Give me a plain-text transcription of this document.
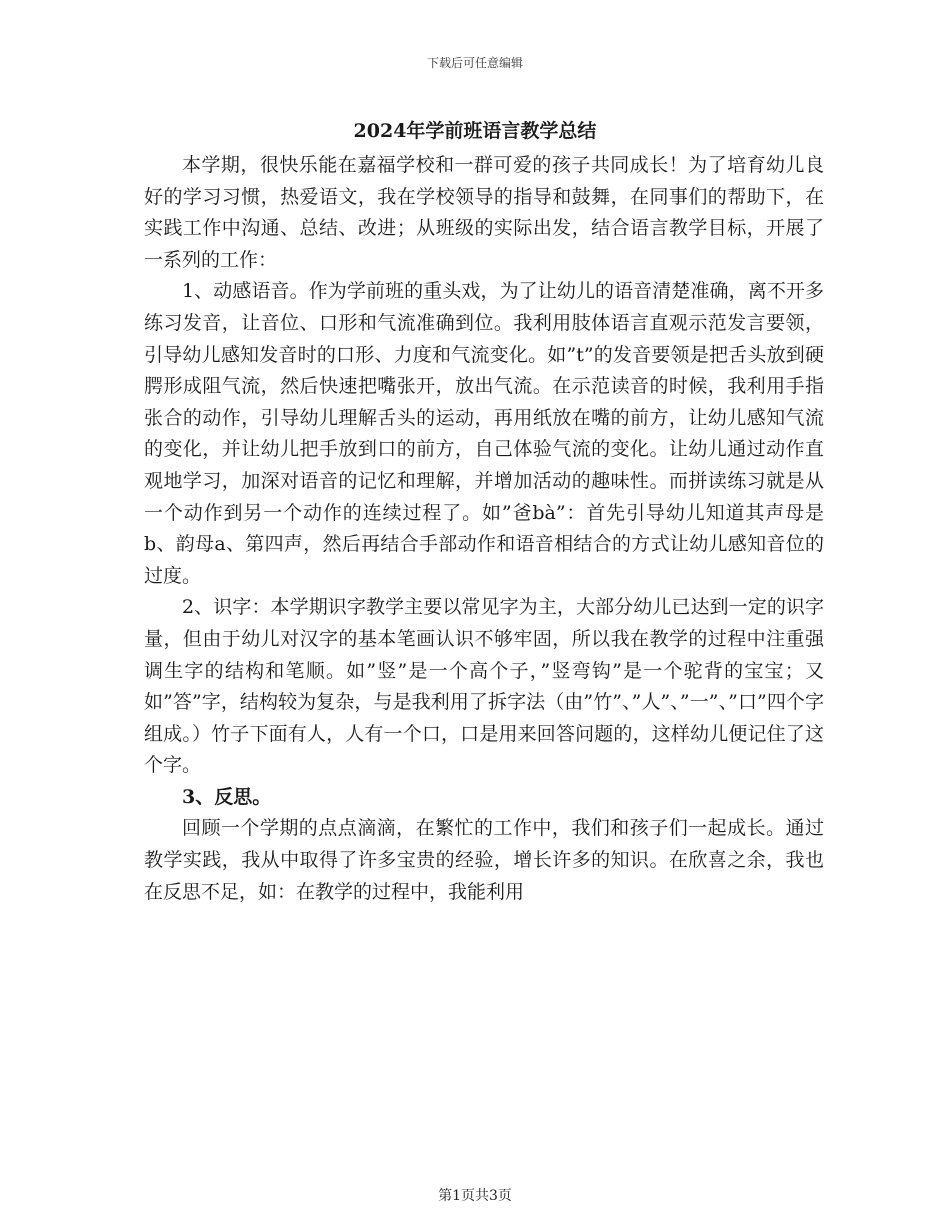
下载后可任意编辑
2024年学前班语言教学总结

本学期，很快乐能在嘉福学校和一群可爱的孩子共同成长！为了培育幼儿良好的学习习惯，热爱语文，我在学校领导的指导和鼓舞，在同事们的帮助下，在实践工作中沟通、总结、改进；从班级的实际出发，结合语言教学目标，开展了一系列的工作：

1、动感语音。作为学前班的重头戏，为了让幼儿的语音清楚准确，离不开多练习发音，让音位、口形和气流准确到位。我利用肢体语言直观示范发言要领，引导幼儿感知发音时的口形、力度和气流变化。如”t”的发音要领是把舌头放到硬腭形成阻气流，然后快速把嘴张开，放出气流。在示范读音的时候，我利用手指张合的动作，引导幼儿理解舌头的运动，再用纸放在嘴的前方，让幼儿感知气流的变化，并让幼儿把手放到口的前方，自己体验气流的变化。让幼儿通过动作直观地学习，加深对语音的记忆和理解，并增加活动的趣味性。而拼读练习就是从一个动作到另一个动作的连续过程了。如”爸bà”：首先引导幼儿知道其声母是b、韵母a、第四声，然后再结合手部动作和语音相结合的方式让幼儿感知音位的过度。

2、识字：本学期识字教学主要以常见字为主，大部分幼儿已达到一定的识字量，但由于幼儿对汉字的基本笔画认识不够牢固，所以我在教学的过程中注重强调生字的结构和笔顺。如”竖”是一个高个子，”竖弯钩”是一个驼背的宝宝；又如”答”字，结构较为复杂，与是我利用了拆字法（由”竹”、”人”、”一”、”口”四个字组成。）竹子下面有人，人有一个口，口是用来回答问题的，这样幼儿便记住了这个字。

3、反思。

回顾一个学期的点点滴滴，在繁忙的工作中，我们和孩子们一起成长。通过教学实践，我从中取得了许多宝贵的经验，增长许多的知识。在欣喜之余，我也在反思不足，如：在教学的过程中，我能利用

第1页共3页
